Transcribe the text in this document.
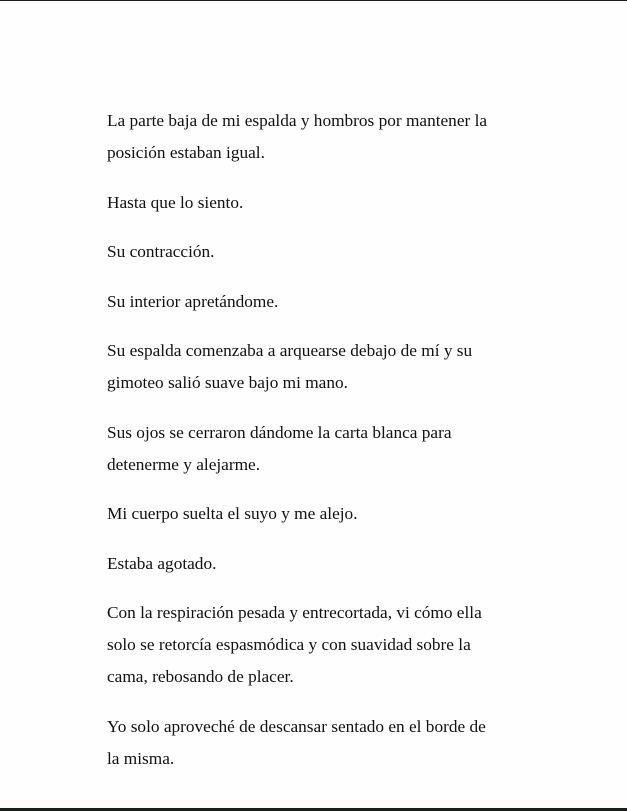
La parte baja de mi espalda y hombros por mantener la
posición estaban igual.

Hasta que lo siento.

Su contracción.

Su interior apretándome.

Su espalda comenzaba a arquearse debajo de mí y su
gimoteo salió suave bajo mi mano.

Sus ojos se cerraron dándome la carta blanca para
detenerme y alejarme.

Mi cuerpo suelta el suyo y me alejo.

Estaba agotado.

Con la respiración pesada y entrecortada, vi cómo ella
solo se retorcía espasmódica y con suavidad sobre la
cama, rebosando de placer.

Yo solo aproveché de descansar sentado en el borde de
la misma.
